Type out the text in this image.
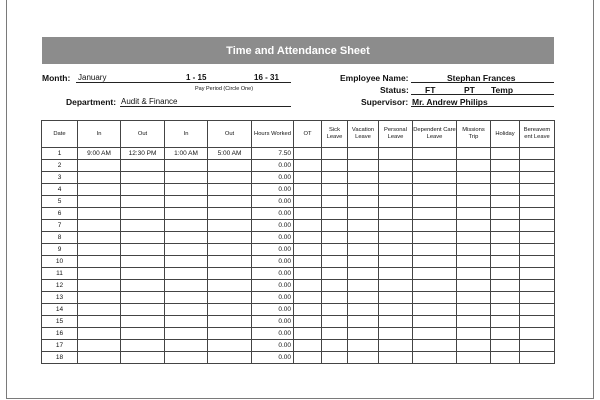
Time and Attendance Sheet
Month: January	1 - 15	16 - 31
Pay Period (Circle One)
Department: Audit & Finance
Employee Name:	Stephan Frances
Status: FT	PT Temp
Supervisor: Mr. Andrew Philips
Date	In	Out	In	Out	Hours Worked	OT	Sick Leave	Vacation Leave	Personal Leave	Dependent Care Leave	Missions Trip	Holiday	Bereavem ent Leave
1	9:00 AM	12:30 PM	1:00 AM	5:00 AM	7.50								
2					0.00								
3					0.00								
4					0.00								
5					0.00								
6					0.00								
7					0.00								
8					0.00								
9					0.00								
10					0.00								
11					0.00								
12					0.00								
13					0.00								
14					0.00								
15					0.00								
16					0.00								
17					0.00								
18					0.00								
